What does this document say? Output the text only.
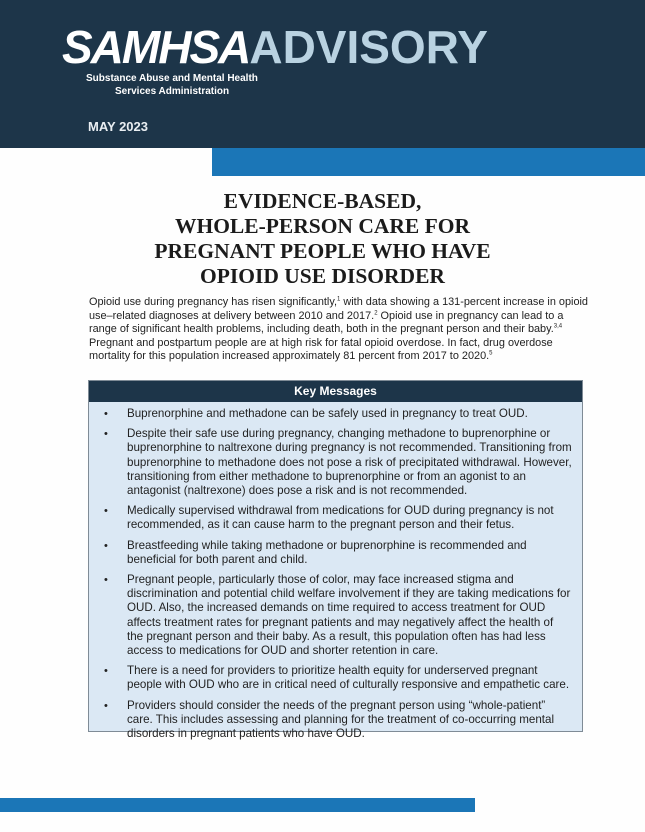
SAMHSAADVISORY
Substance Abuse and Mental Health
Services Administration
MAY 2023
EVIDENCE-BASED,
WHOLE-PERSON CARE FOR
PREGNANT PEOPLE WHO HAVE
OPIOID USE DISORDER
Opioid use during pregnancy has risen significantly,$^1$ with data showing a 131-percent increase in opioid use–related diagnoses at delivery between 2010 and 2017.$^2$ Opioid use in pregnancy can lead to a range of significant health problems, including death, both in the pregnant person and their baby.$^{3,4}$ Pregnant and postpartum people are at high risk for fatal opioid overdose. In fact, drug overdose mortality for this population increased approximately 81 percent from 2017 to 2020.$^5$
Key Messages
• Buprenorphine and methadone can be safely used in pregnancy to treat OUD.
• Despite their safe use during pregnancy, changing methadone to buprenorphine or buprenorphine to naltrexone during pregnancy is not recommended. Transitioning from buprenorphine to methadone does not pose a risk of precipitated withdrawal. However, transitioning from either methadone to buprenorphine or from an agonist to an antagonist (naltrexone) does pose a risk and is not recommended.
• Medically supervised withdrawal from medications for OUD during pregnancy is not recommended, as it can cause harm to the pregnant person and their fetus.
• Breastfeeding while taking methadone or buprenorphine is recommended and beneficial for both parent and child.
• Pregnant people, particularly those of color, may face increased stigma and discrimination and potential child welfare involvement if they are taking medications for OUD. Also, the increased demands on time required to access treatment for OUD affects treatment rates for pregnant patients and may negatively affect the health of the pregnant person and their baby. As a result, this population often has had less access to medications for OUD and shorter retention in care.
• There is a need for providers to prioritize health equity for underserved pregnant people with OUD who are in critical need of culturally responsive and empathetic care.
• Providers should consider the needs of the pregnant person using “whole-patient” care. This includes assessing and planning for the treatment of co-occurring mental disorders in pregnant patients who have OUD.
